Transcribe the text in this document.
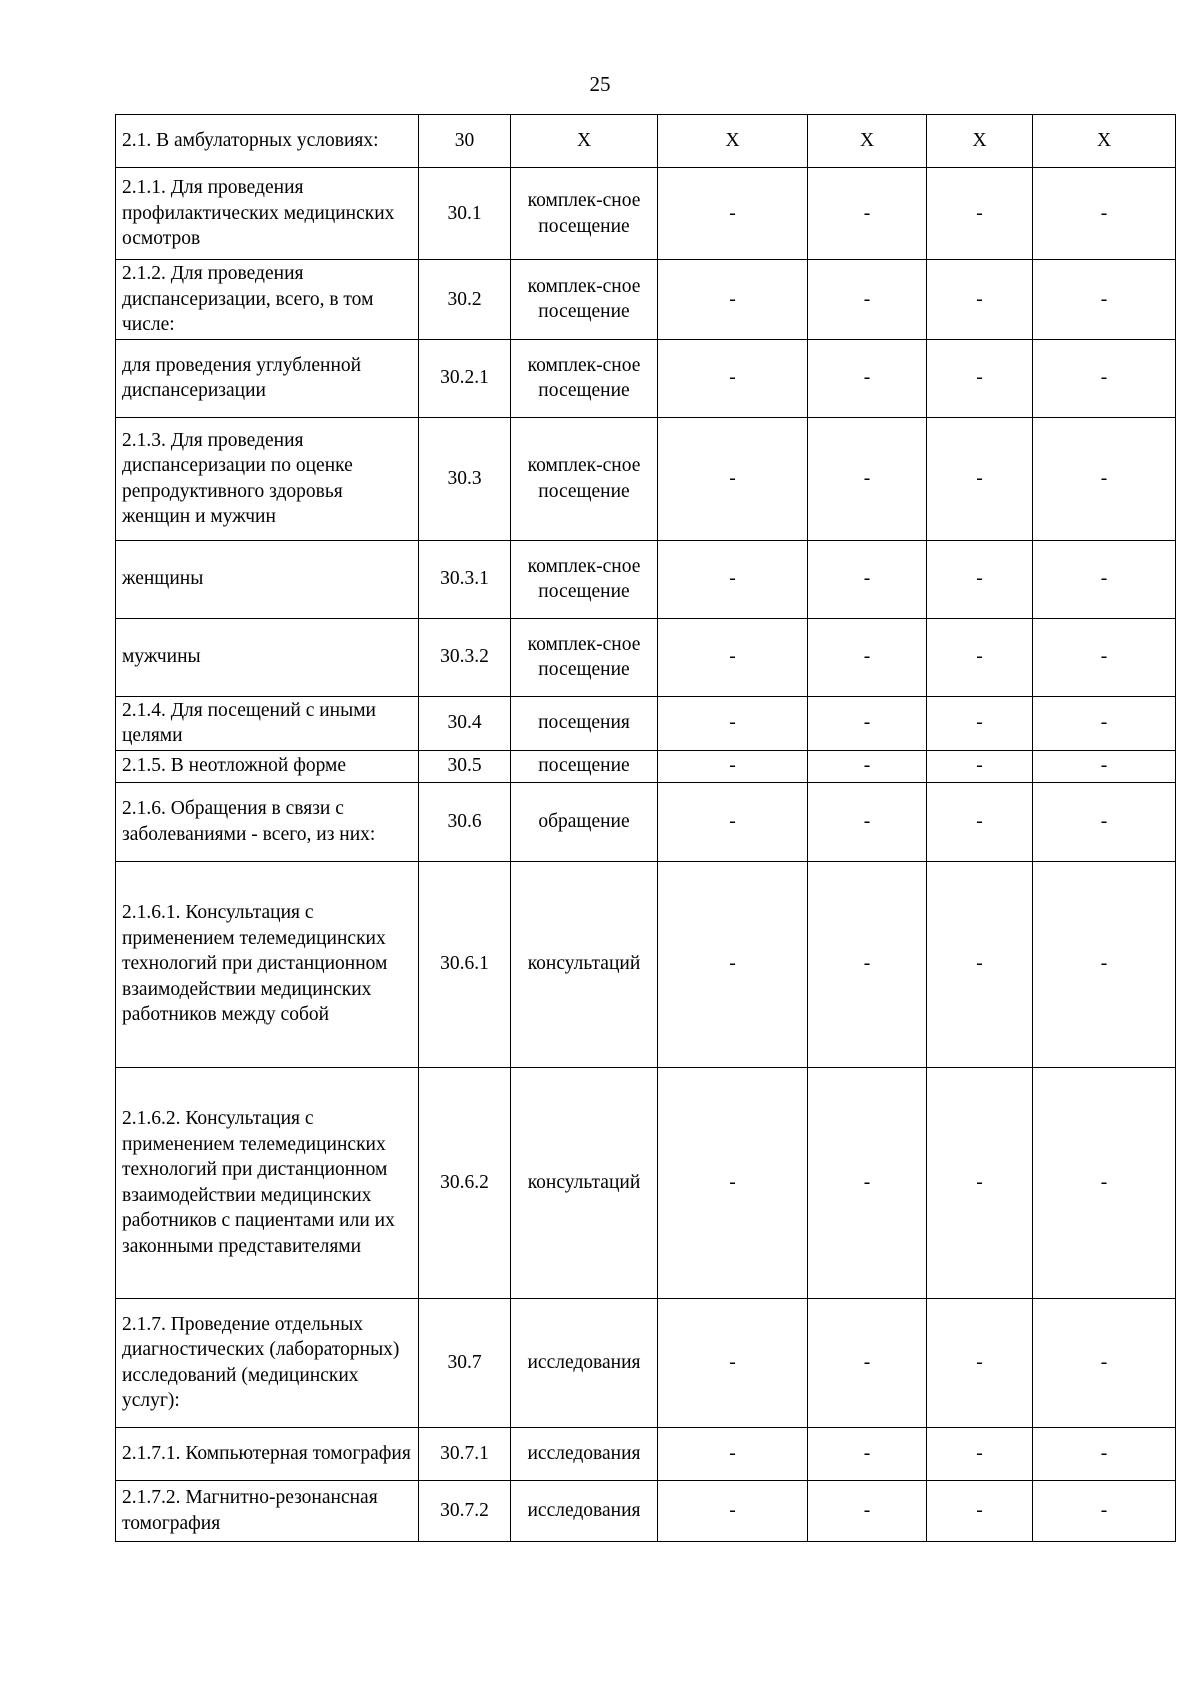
25
2.1. В амбулаторных условиях:	30	X	X	X	X	X
2.1.1. Для проведения профилактических медицинских осмотров	30.1	комплек-сное посещение	-	-	-	-
2.1.2. Для проведения диспансеризации, всего, в том числе:	30.2	комплек-сное посещение	-	-	-	-
для проведения углубленной диспансеризации	30.2.1	комплек-сное посещение	-	-	-	-
2.1.3. Для проведения диспансеризации по оценке репродуктивного здоровья женщин и мужчин	30.3	комплек-сное посещение	-	-	-	-
женщины	30.3.1	комплек-сное посещение	-	-	-	-
мужчины	30.3.2	комплек-сное посещение	-	-	-	-
2.1.4. Для посещений с иными целями	30.4	посещения	-	-	-	-
2.1.5. В неотложной форме	30.5	посещение	-	-	-	-
2.1.6. Обращения в связи с заболеваниями - всего, из них:	30.6	обращение	-	-	-	-
2.1.6.1. Консультация с применением телемедицинских технологий при дистанционном взаимодействии медицинских работников между собой	30.6.1	консультаций	-	-	-	-
2.1.6.2. Консультация с применением телемедицинских технологий при дистанционном взаимодействии медицинских работников с пациентами или их законными представителями	30.6.2	консультаций	-	-	-	-
2.1.7. Проведение отдельных диагностических (лабораторных) исследований (медицинских услуг):	30.7	исследования	-	-	-	-
2.1.7.1. Компьютерная томография	30.7.1	исследования	-	-	-	-
2.1.7.2. Магнитно-резонансная томография	30.7.2	исследования	-	-	-	-
